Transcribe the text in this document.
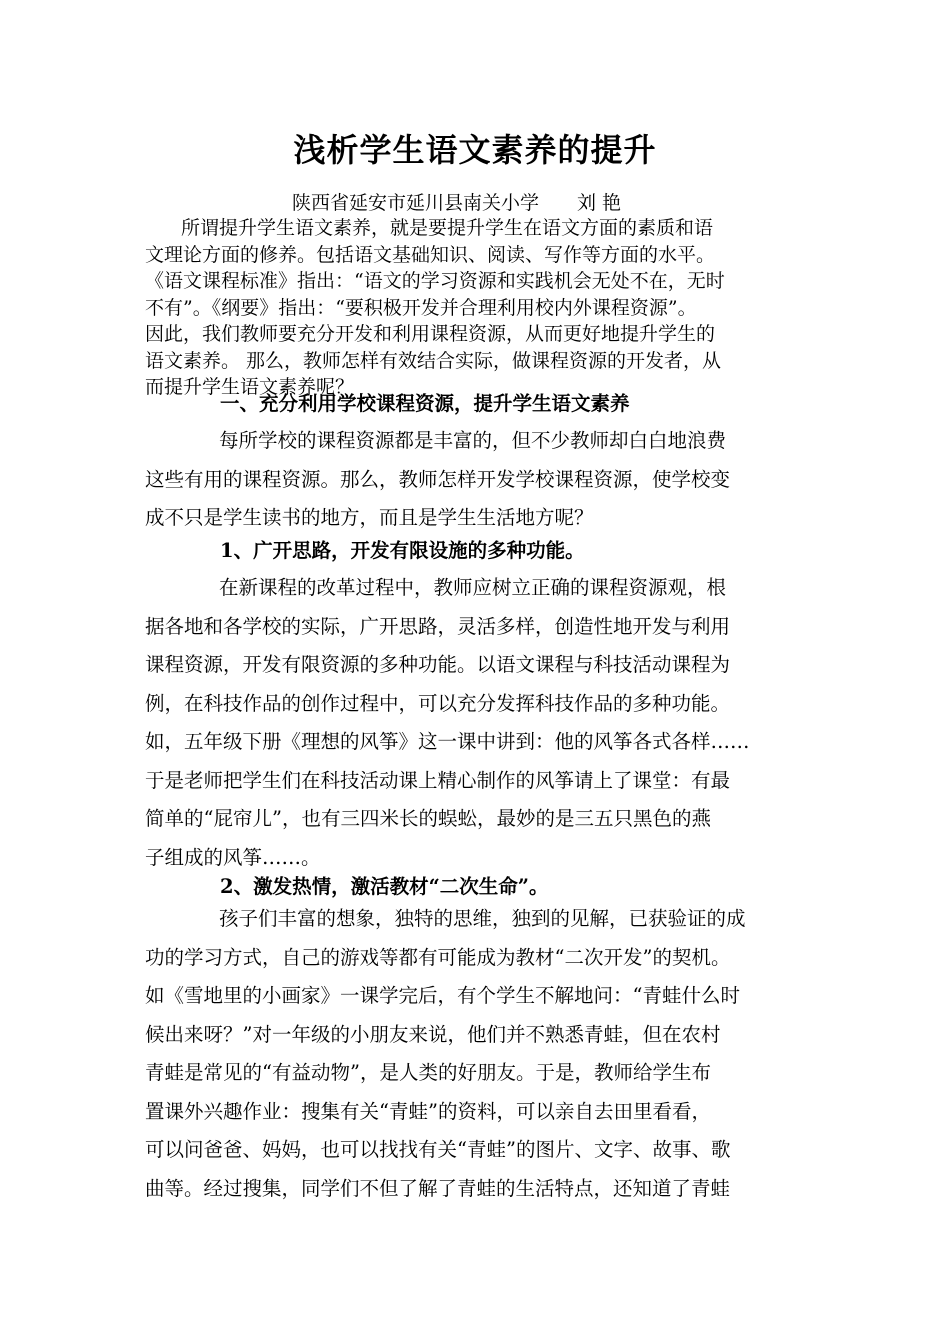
浅析学生语文素养的提升
陕西省延安市延川县南关小学 刘 艳
所谓提升学生语文素养，就是要提升学生在语文方面的素质和语
文理论方面的修养。包括语文基础知识、阅读、写作等方面的水平。
《语文课程标准》指出：“语文的学习资源和实践机会无处不在，无时
不有”。《纲要》指出：“要积极开发并合理利用校内外课程资源”。
因此，我们教师要充分开发和利用课程资源，从而更好地提升学生的
语文素养。 那么，教师怎样有效结合实际，做课程资源的开发者，从
而提升学生语文素养呢？
一、充分利用学校课程资源，提升学生语文素养
每所学校的课程资源都是丰富的，但不少教师却白白地浪费
这些有用的课程资源。那么，教师怎样开发学校课程资源，使学校变
成不只是学生读书的地方，而且是学生生活地方呢？
1、广开思路，开发有限设施的多种功能。
在新课程的改革过程中，教师应树立正确的课程资源观，根
据各地和各学校的实际，广开思路，灵活多样，创造性地开发与利用
课程资源，开发有限资源的多种功能。以语文课程与科技活动课程为
例，在科技作品的创作过程中，可以充分发挥科技作品的多种功能。
如，五年级下册《理想的风筝》这一课中讲到：他的风筝各式各样……
于是老师把学生们在科技活动课上精心制作的风筝请上了课堂：有最
简单的“屁帘儿”，也有三四米长的蜈蚣，最妙的是三五只黑色的燕
子组成的风筝……。
2、激发热情，激活教材“二次生命”。
孩子们丰富的想象，独特的思维，独到的见解，已获验证的成
功的学习方式，自己的游戏等都有可能成为教材“二次开发”的契机。
如《雪地里的小画家》一课学完后，有个学生不解地问：“青蛙什么时
候出来呀？”对一年级的小朋友来说，他们并不熟悉青蛙，但在农村
青蛙是常见的“有益动物”，是人类的好朋友。于是，教师给学生布
置课外兴趣作业：搜集有关“青蛙”的资料，可以亲自去田里看看，
可以问爸爸、妈妈，也可以找找有关“青蛙”的图片、文字、故事、歌
曲等。经过搜集，同学们不但了解了青蛙的生活特点，还知道了青蛙
